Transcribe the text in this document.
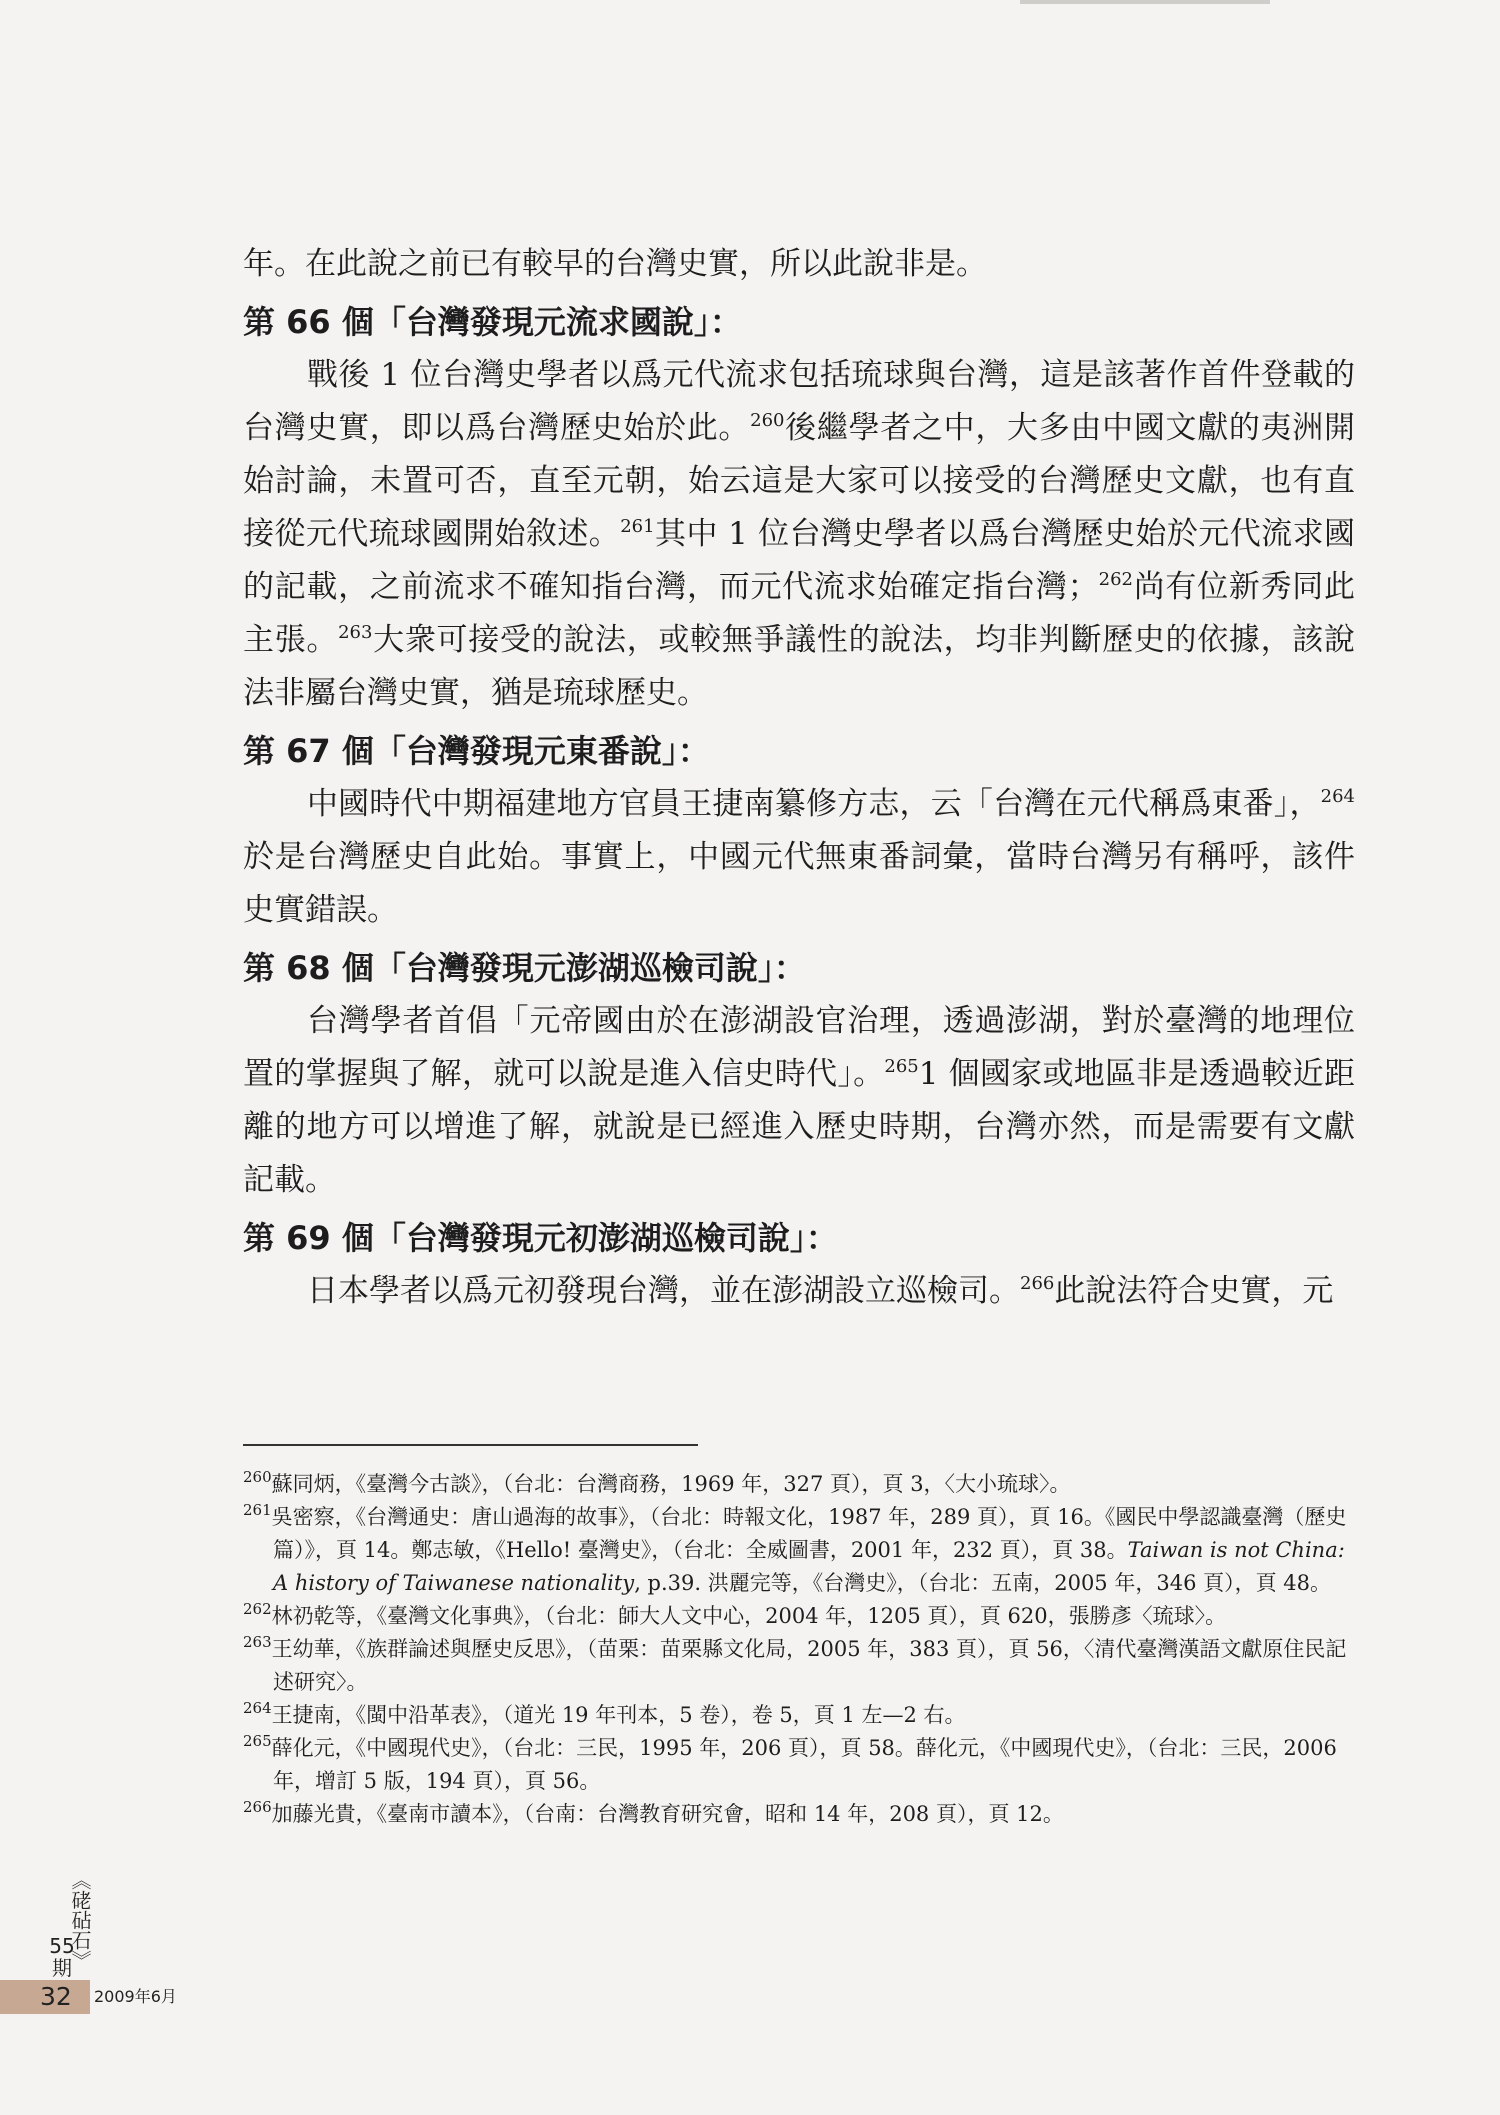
年。在此說之前已有較早的台灣史實，所以此說非是。

第 66 個「台灣發現元流求國說」：

戰後 1 位台灣史學者以爲元代流求包括琉球與台灣，這是該著作首件登載的台灣史實，即以爲台灣歷史始於此。$^{260}$後繼學者之中，大多由中國文獻的夷洲開始討論，未置可否，直至元朝，始云這是大家可以接受的台灣歷史文獻，也有直接從元代琉球國開始敘述。$^{261}$其中 1 位台灣史學者以爲台灣歷史始於元代流求國的記載，之前流求不確知指台灣，而元代流求始確定指台灣；$^{262}$尚有位新秀同此主張。$^{263}$大衆可接受的說法，或較無爭議性的說法，均非判斷歷史的依據，該說法非屬台灣史實，猶是琉球歷史。

第 67 個「台灣發現元東番說」：

中國時代中期福建地方官員王捷南纂修方志，云「台灣在元代稱爲東番」，$^{264}$於是台灣歷史自此始。事實上，中國元代無東番詞彙，當時台灣另有稱呼，該件史實錯誤。

第 68 個「台灣發現元澎湖巡檢司說」：

台灣學者首倡「元帝國由於在澎湖設官治理，透過澎湖，對於臺灣的地理位置的掌握與了解，就可以說是進入信史時代」。$^{265}$1 個國家或地區非是透過較近距離的地方可以增進了解，就說是已經進入歷史時期，台灣亦然，而是需要有文獻記載。

第 69 個「台灣發現元初澎湖巡檢司說」：

日本學者以爲元初發現台灣，並在澎湖設立巡檢司。$^{266}$此說法符合史實，元

$^{260}$蘇同炳，《臺灣今古談》，（台北：台灣商務，1969 年，327 頁），頁 3，〈大小琉球〉。

$^{261}$吳密察，《台灣通史：唐山過海的故事》，（台北：時報文化，1987 年，289 頁），頁 16。《國民中學認識臺灣（歷史篇）》，頁 14。鄭志敏，《Hello! 臺灣史》，（台北：全威圖書，2001 年，232 頁），頁 38。Taiwan is not China: A history of Taiwanese nationality, p.39. 洪麗完等，《台灣史》，（台北：五南，2005 年，346 頁），頁 48。

$^{262}$林礽乾等，《臺灣文化事典》，（台北：師大人文中心，2004 年，1205 頁），頁 620，張勝彥〈琉球〉。

$^{263}$王幼華，《族群論述與歷史反思》，（苗栗：苗栗縣文化局，2005 年，383 頁），頁 56，〈清代臺灣漢語文獻原住民記述研究〉。

$^{264}$王捷南，《閩中沿革表》，（道光 19 年刊本，5 卷），卷 5，頁 1 左—2 右。

$^{265}$薛化元，《中國現代史》，（台北：三民，1995 年，206 頁），頁 58。薛化元，《中國現代史》，（台北：三民，2006 年，增訂 5 版，194 頁），頁 56。

$^{266}$加藤光貴，《臺南市讀本》，（台南：台灣教育研究會，昭和 14 年，208 頁），頁 12。

《硓砧石》
55期
32 2009年6月
